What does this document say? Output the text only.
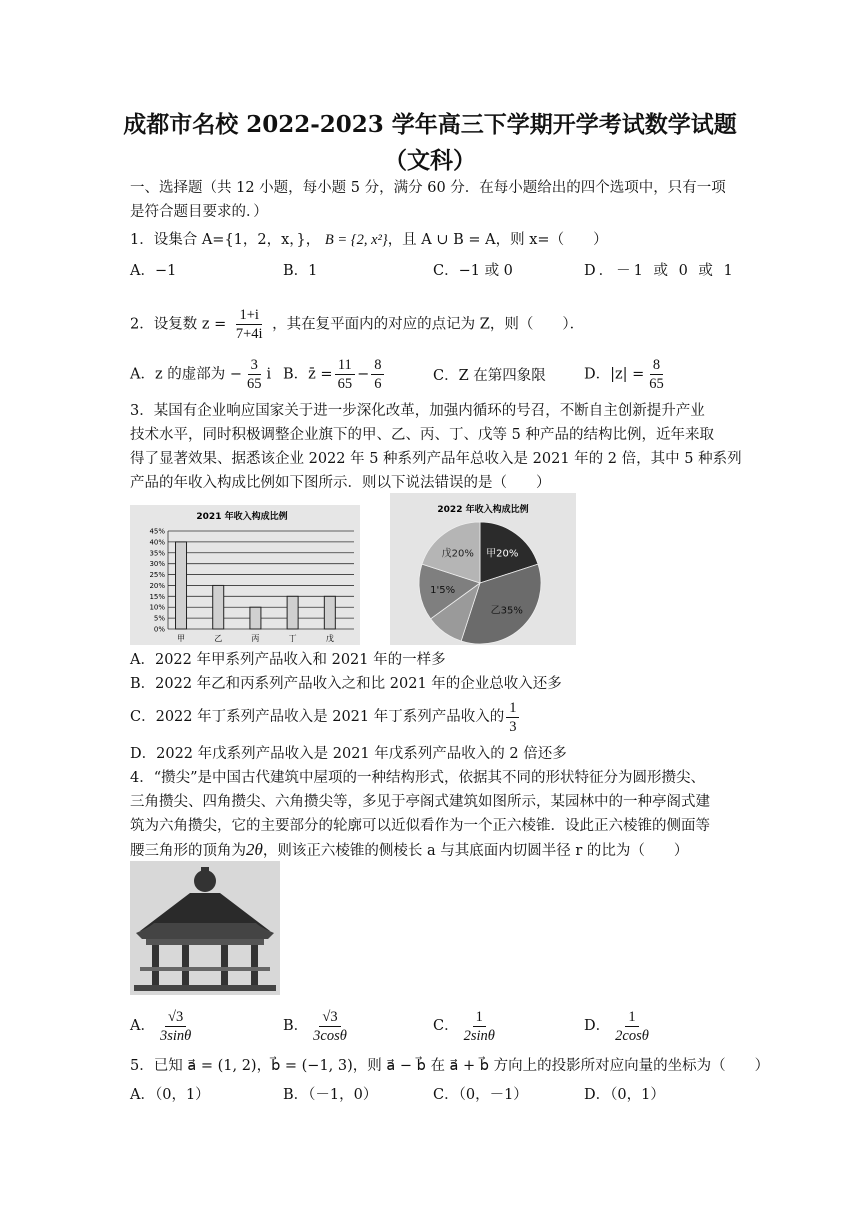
成都市名校 2022-2023 学年高三下学期开学考试数学试题
（文科）
一、选择题（共 12 小题，每小题 5 分，满分 60 分．在每小题给出的四个选项中，只有一项
是符合题目要求的．）
1．设集合 A={1，2，x，}， B = {2, x²}，且 A ∪ B = A，则 x=（　　）
A．−1	B．1	C．−1 或 0	D．－1 或 0 或 1
2．设复数 $z = \frac{1+i}{7+4i}$ ，其在复平面内的对应的点记为 Z，则（　　）．
A．z 的虚部为 − $\frac{3}{65}$ i B．z̄ = $\frac{11}{65} - \frac{8}{6}$	C．Z 在第四象限	D．$|z| = \frac{8}{65}$
3．某国有企业响应国家关于进一步深化改革，加强内循环的号召，不断自主创新提升产业
技术水平，同时积极调整企业旗下的甲、乙、丙、丁、戊等 5 种产品的结构比例，近年来取
得了显著效果、据悉该企业 2022 年 5 种系列产品年总收入是 2021 年的 2 倍，其中 5 种系列
产品的年收入构成比例如下图所示．则以下说法错误的是（　　）
2021 年收入构成比例
0%
5%
10%
15%
20%
25%
30%
35%
40%
45%
甲	乙	丙	丁	戊
2022 年收入构成比例
甲20%
乙35%
1'5%
戊20%
A．2022 年甲系列产品收入和 2021 年的一样多
B．2022 年乙和丙系列产品收入之和比 2021 年的企业总收入还多
C．2022 年丁系列产品收入是 2021 年丁系列产品收入的 $\frac{1}{3}$
D．2022 年戊系列产品收入是 2021 年戊系列产品收入的 2 倍还多
4．“攒尖”是中国古代建筑中屋项的一种结构形式，依据其不同的形状特征分为圆形攒尖、
三角攒尖、四角攒尖、六角攒尖等，多见于亭阁式建筑如图所示，某园林中的一种亭阁式建
筑为六角攒尖，它的主要部分的轮廓可以近似看作为一个正六棱锥．设此正六棱锥的侧面等
腰三角形的顶角为2θ，则该正六棱锥的侧棱长 a 与其底面内切圆半径 r 的比为（　　）
A． $\frac{√3}{3\sin\theta}$	B． $\frac{√3}{3\cos\theta}$	C． $\frac{1}{2\sin\theta}$	D． $\frac{1}{2\cos\theta}$
5．已知 a⃗ = (1, 2)，b⃗ = (−1, 3)，则 a⃗ − b⃗ 在 a⃗ + b⃗ 方向上的投影所对应向量的坐标为（　　）
A．（0，1）	B．（－1，0）	C．（0，－1）	D．（0，1）
